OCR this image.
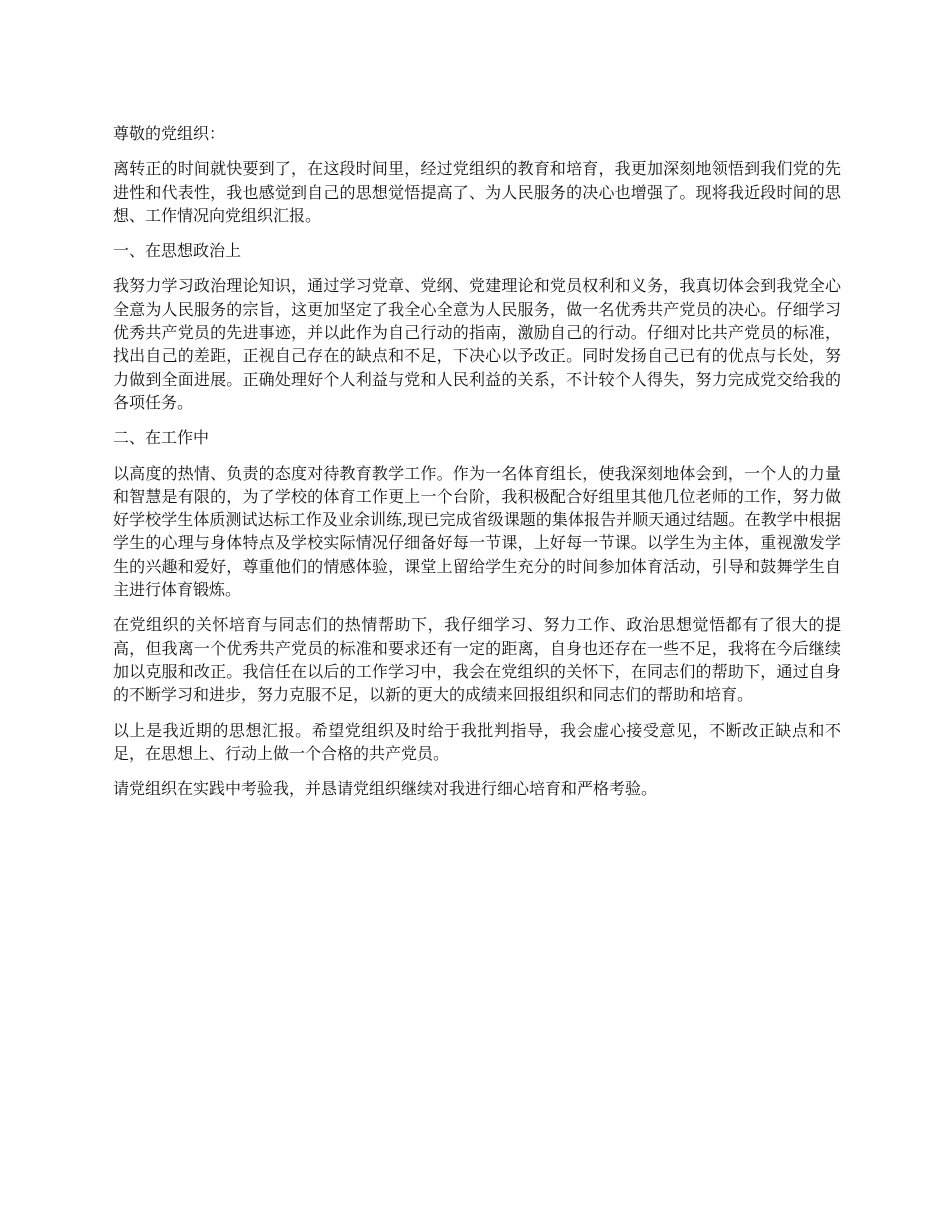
尊敬的党组织：

离转正的时间就快要到了，在这段时间里，经过党组织的教育和培育，我更加深刻地领悟到我们党的先进性和代表性，我也感觉到自己的思想觉悟提高了、为人民服务的决心也增强了。现将我近段时间的思想、工作情况向党组织汇报。

一、在思想政治上

我努力学习政治理论知识，通过学习党章、党纲、党建理论和党员权利和义务，我真切体会到我党全心全意为人民服务的宗旨，这更加坚定了我全心全意为人民服务，做一名优秀共产党员的决心。仔细学习优秀共产党员的先进事迹，并以此作为自己行动的指南，激励自己的行动。仔细对比共产党员的标准，找出自己的差距，正视自己存在的缺点和不足，下决心以予改正。同时发扬自己已有的优点与长处，努力做到全面进展。正确处理好个人利益与党和人民利益的关系，不计较个人得失，努力完成党交给我的各项任务。

二、在工作中

以高度的热情、负责的态度对待教育教学工作。作为一名体育组长，使我深刻地体会到，一个人的力量和智慧是有限的，为了学校的体育工作更上一个台阶，我积极配合好组里其他几位老师的工作，努力做好学校学生体质测试达标工作及业余训练,现已完成省级课题的集体报告并顺天通过结题。在教学中根据学生的心理与身体特点及学校实际情况仔细备好每一节课，上好每一节课。以学生为主体，重视激发学生的兴趣和爱好，尊重他们的情感体验，课堂上留给学生充分的时间参加体育活动，引导和鼓舞学生自主进行体育锻炼。

在党组织的关怀培育与同志们的热情帮助下，我仔细学习、努力工作、政治思想觉悟都有了很大的提高，但我离一个优秀共产党员的标准和要求还有一定的距离，自身也还存在一些不足，我将在今后继续加以克服和改正。我信任在以后的工作学习中，我会在党组织的关怀下，在同志们的帮助下，通过自身的不断学习和进步，努力克服不足，以新的更大的成绩来回报组织和同志们的帮助和培育。

以上是我近期的思想汇报。希望党组织及时给于我批判指导，我会虚心接受意见，不断改正缺点和不足，在思想上、行动上做一个合格的共产党员。

请党组织在实践中考验我，并恳请党组织继续对我进行细心培育和严格考验。
